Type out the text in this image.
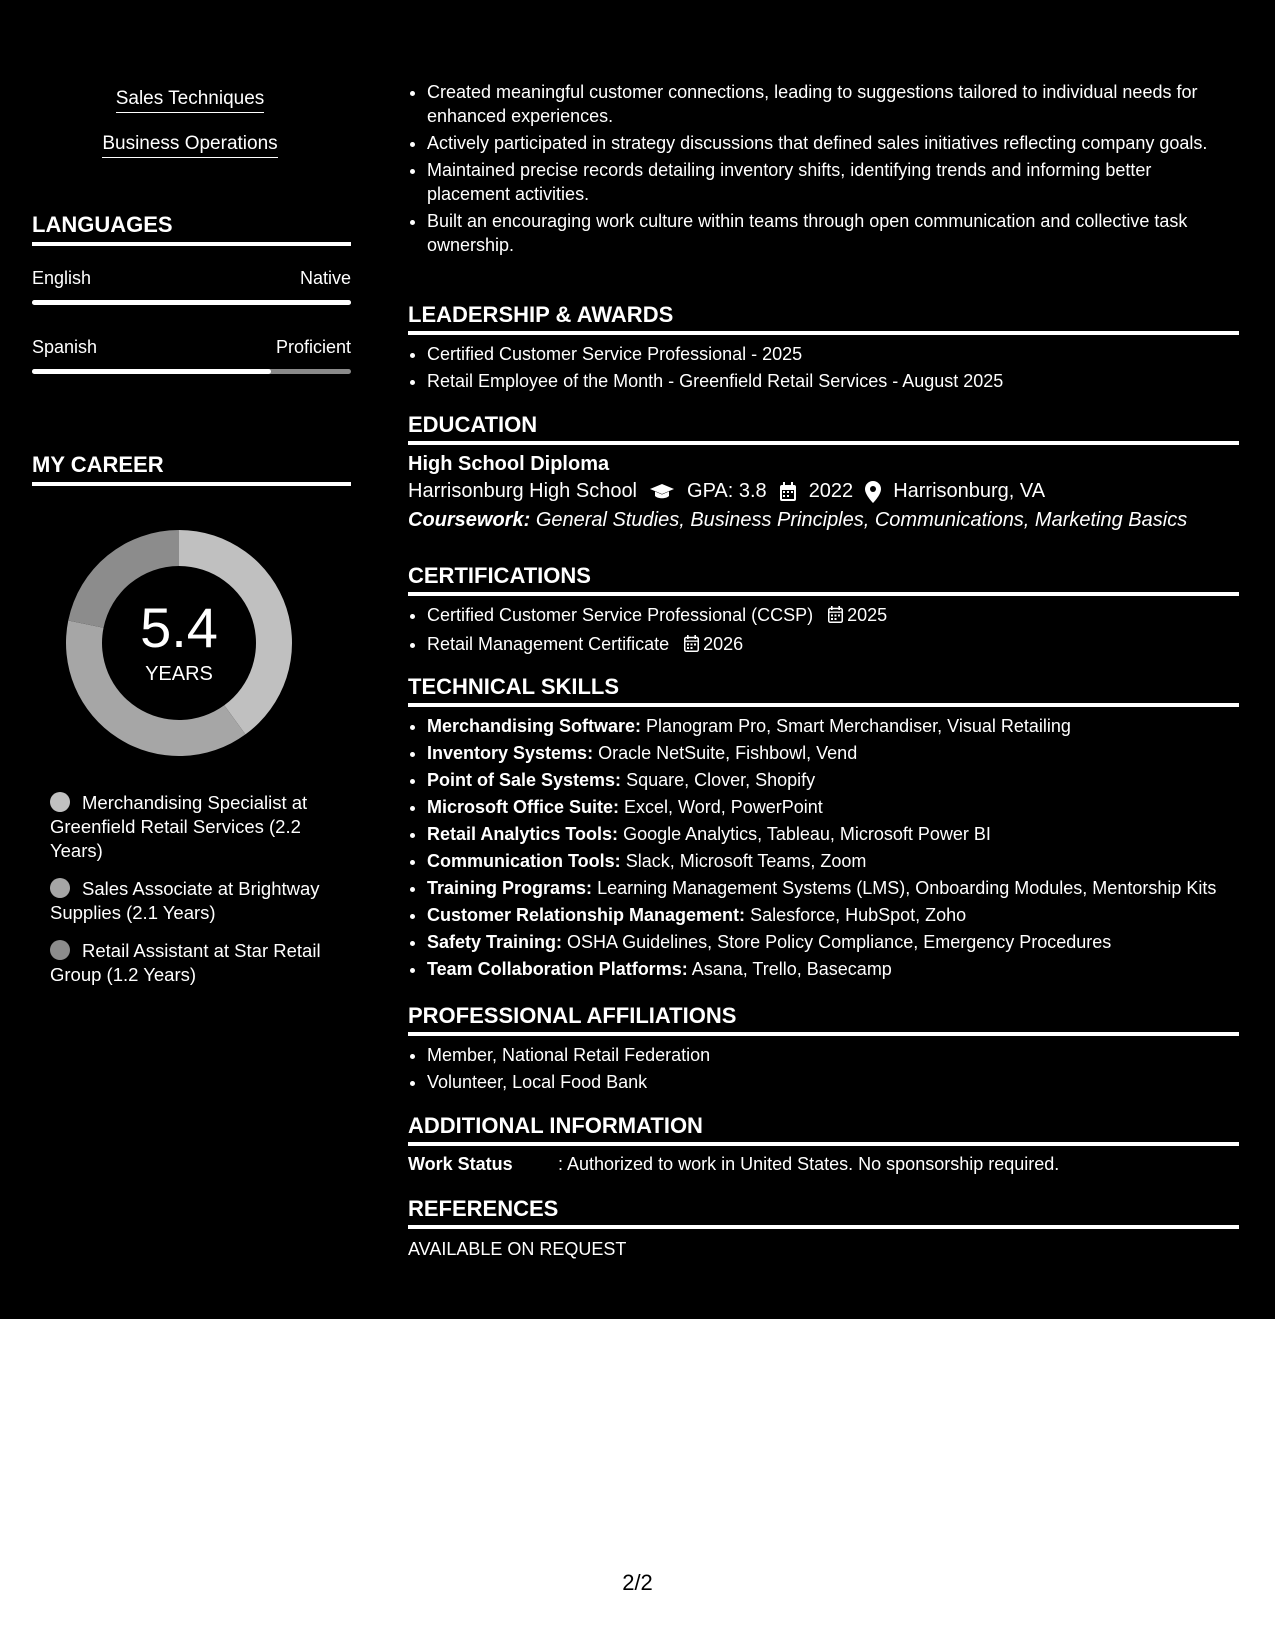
Sales Techniques
Business Operations
LANGUAGES
English	Native
Spanish	Proficient
MY CAREER
5.4
YEARS
Merchandising Specialist at Greenfield Retail Services (2.2 Years)
Sales Associate at Brightway Supplies (2.1 Years)
Retail Assistant at Star Retail Group (1.2 Years)
• Created meaningful customer connections, leading to suggestions tailored to individual needs for enhanced experiences.
• Actively participated in strategy discussions that defined sales initiatives reflecting company goals.
• Maintained precise records detailing inventory shifts, identifying trends and informing better placement activities.
• Built an encouraging work culture within teams through open communication and collective task ownership.
LEADERSHIP & AWARDS
• Certified Customer Service Professional - 2025
• Retail Employee of the Month - Greenfield Retail Services - August 2025
EDUCATION
High School Diploma
Harrisonburg High School	GPA: 3.8 2022 Harrisonburg, VA
Coursework: General Studies, Business Principles, Communications, Marketing Basics
CERTIFICATIONS
• Certified Customer Service Professional (CCSP) 2025
• Retail Management Certificate 2026
TECHNICAL SKILLS
• Merchandising Software: Planogram Pro, Smart Merchandiser, Visual Retailing
• Inventory Systems: Oracle NetSuite, Fishbowl, Vend
• Point of Sale Systems: Square, Clover, Shopify
• Microsoft Office Suite: Excel, Word, PowerPoint
• Retail Analytics Tools: Google Analytics, Tableau, Microsoft Power BI
• Communication Tools: Slack, Microsoft Teams, Zoom
• Training Programs: Learning Management Systems (LMS), Onboarding Modules, Mentorship Kits
• Customer Relationship Management: Salesforce, HubSpot, Zoho
• Safety Training: OSHA Guidelines, Store Policy Compliance, Emergency Procedures
• Team Collaboration Platforms: Asana, Trello, Basecamp
PROFESSIONAL AFFILIATIONS
• Member, National Retail Federation
• Volunteer, Local Food Bank
ADDITIONAL INFORMATION
Work Status	: Authorized to work in United States. No sponsorship required.
REFERENCES
AVAILABLE ON REQUEST
2/2
